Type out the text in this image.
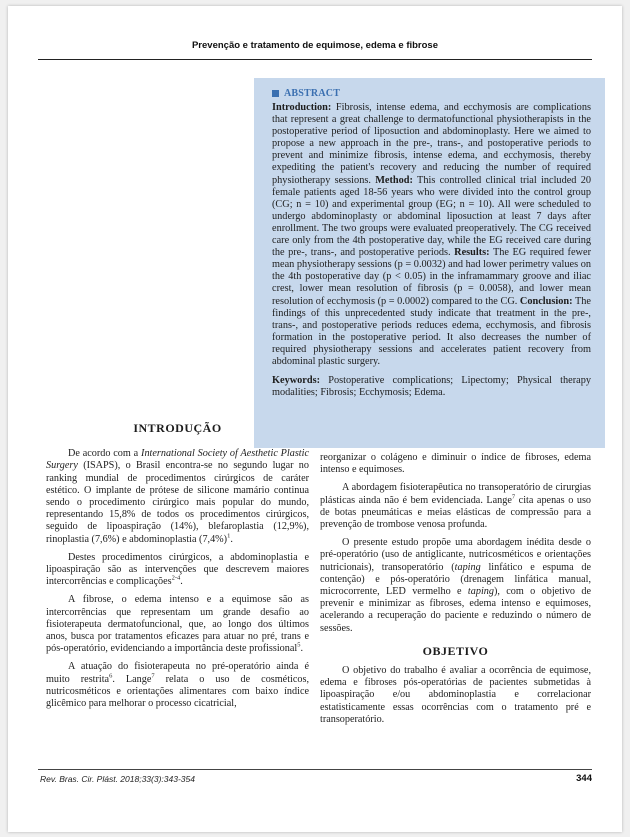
Prevenção e tratamento de equimose, edema e fibrose
ABSTRACT

Introduction: Fibrosis, intense edema, and ecchymosis are complications that represent a great challenge to dermatofunctional physiotherapists in the postoperative period of liposuction and abdominoplasty. Here we aimed to propose a new approach in the pre-, trans-, and postoperative periods to prevent and minimize fibrosis, intense edema, and ecchymosis, thereby expediting the patient's recovery and reducing the number of required physiotherapy sessions. Method: This controlled clinical trial included 20 female patients aged 18-56 years who were divided into the control group (CG; n = 10) and experimental group (EG; n = 10). All were scheduled to undergo abdominoplasty or abdominal liposuction at least 7 days after enrollment. The two groups were evaluated preoperatively. The CG received care only from the 4th postoperative day, while the EG received care during the pre-, trans-, and postoperative periods. Results: The EG required fewer mean physiotherapy sessions (p = 0.0032) and had lower perimetry values on the 4th postoperative day (p < 0.05) in the inframammary groove and iliac crest, lower mean resolution of fibrosis (p = 0.0058), and lower mean resolution of ecchymosis (p = 0.0002) compared to the CG. Conclusion: The findings of this unprecedented study indicate that treatment in the pre-, trans-, and postoperative periods reduces edema, ecchymosis, and fibrosis formation in the postoperative period. It also decreases the number of required physiotherapy sessions and accelerates patient recovery from abdominal plastic surgery.

Keywords: Postoperative complications; Lipectomy; Physical therapy modalities; Fibrosis; Ecchymosis; Edema.

INTRODUÇÃO

De acordo com a International Society of Aesthetic Plastic Surgery (ISAPS), o Brasil encontra-se no segundo lugar no ranking mundial de procedimentos cirúrgicos de caráter estético. O implante de prótese de silicone mamário continua sendo o procedimento cirúrgico mais popular do mundo, representando 15,8% de todos os procedimentos cirúrgicos, seguido de lipoaspiração (14%), blefaroplastia (12,9%), rinoplastia (7,6%) e abdominoplastia $(7,4\%)^1$.

Destes procedimentos cirúrgicos, a abdominoplastia e lipoaspiração são as intervenções que descrevem maiores intercorrências e complicações$^{2-4}$.

A fibrose, o edema intenso e a equimose são as intercorrências que representam um grande desafio ao fisioterapeuta dermatofuncional, que, ao longo dos últimos anos, busca por tratamentos eficazes para atuar no pré, trans e pós-operatório, evidenciando a importância deste profissional$^5$.

A atuação do fisioterapeuta no pré-operatório ainda é muito restrita$^6$. Lange$^7$ relata o uso de cosméticos, nutricosméticos e orientações alimentares com baixo índice glicêmico para melhorar o processo cicatricial,

reorganizar o colágeno e diminuir o índice de fibroses, edema intenso e equimoses.

A abordagem fisioterapêutica no transoperatório de cirurgias plásticas ainda não é bem evidenciada. Lange$^7$ cita apenas o uso de botas pneumáticas e meias elásticas de compressão para a prevenção de trombose venosa profunda.

O presente estudo propõe uma abordagem inédita desde o pré-operatório (uso de antiglicante, nutricosméticos e orientações nutricionais), transoperatório (taping linfático e espuma de contenção) e pós-operatório (drenagem linfática manual, microcorrente, LED vermelho e taping), com o objetivo de prevenir e minimizar as fibroses, edema intenso e equimoses, acelerando a recuperação do paciente e reduzindo o número de sessões.

OBJETIVO

O objetivo do trabalho é avaliar a ocorrência de equimose, edema e fibroses pós-operatórias de pacientes submetidas à lipoaspiração e/ou abdominoplastia e correlacionar estatisticamente essas ocorrências com o tratamento pré e transoperatório.

Rev. Bras. Cir. Plást. 2018;33(3):343-354	344
